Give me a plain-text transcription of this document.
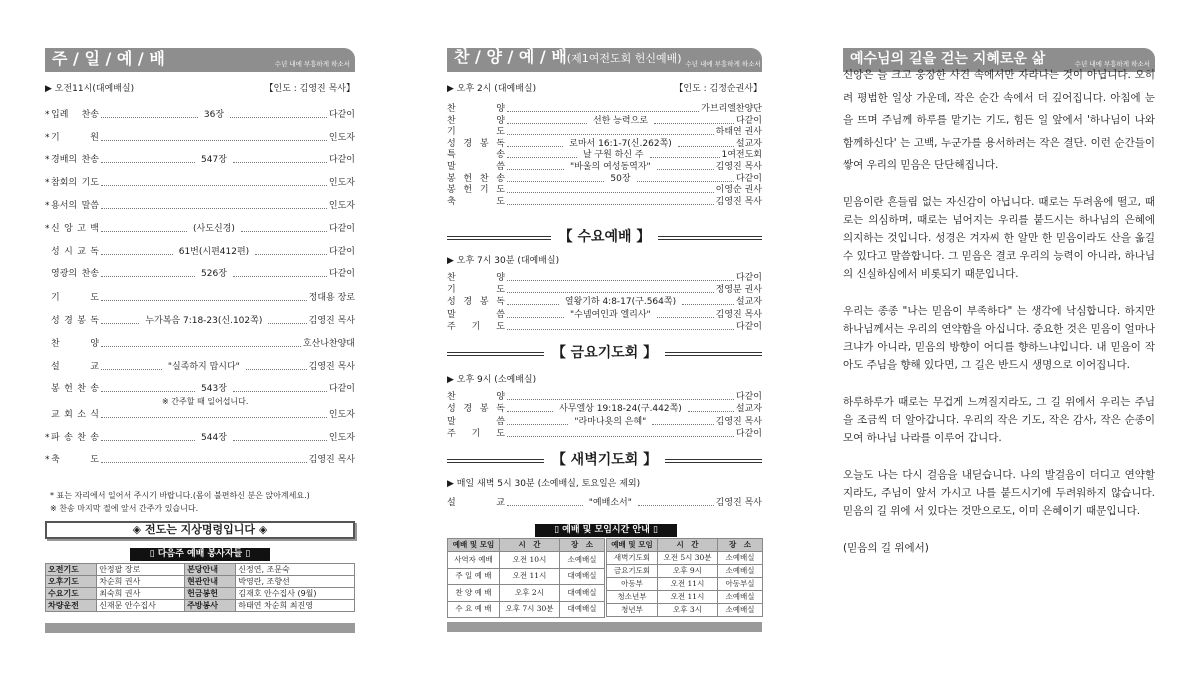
주 / 일 / 예 / 배	수년 내에 부흥하게 하소서
▶ 오전11시(대예배실)	【인도 : 김영진 목사】
* 입례 찬송	36장	다같이
* 기 원	인도자
* 경배의 찬송	547장	다같이
* 참회의 기도	인도자
* 용서의 말씀	인도자
* 신 앙 고 백	(사도신경)	다같이
성 시 교 독	61번(시편412편)	다같이
영광의 찬송	526장	다같이
기 도	정대용 장로
성 경 봉 독	누가복음 7:18-23(신.102쪽)	김영진 목사
찬 양	호산나찬양대
설 교	"실족하지 맙시다"	김영진 목사
봉 헌 찬 송	543장	다같이
교 회 소 식	인도자
* 파 송 찬 송	544장	인도자
* 축 도	김영진 목사
※ 간주할 때 일어섭니다.
* 표는 자리에서 일어서 주시기 바랍니다.(몸이 불편하신 분은 앉아계세요.)
※ 찬송 마지막 절에 앞서 간주가 있습니다.
◈ 전도는 지상명령입니다 ◈
▯ 다음주 예배 봉사자들 ▯
오전기도	안정팔 장로	본당안내	신정연, 조문숙
오후기도	차순희 권사	현관안내	박영란, 조향선
수요기도	최숙희 권사	헌금봉헌	김재호 안수집사 (9월)
차량운전	신재문 안수집사	주방봉사	하태연 차순희 최진영
찬 / 양 / 예 / 배(제1여전도회 헌신예배) 수년 내에 부흥하게 하소서
▶ 오후 2시 (대예배실)	【인도 : 김정순권사】
찬 양	가브리엘찬양단
찬 양	선한 능력으로	다같이
기 도	하태연 권사
성 경 봉 독	로마서 16:1-7(신.262쪽)	설교자
특 송	날 구원 하신 주	1여전도회
말 씀	"바울의 여성동역자"	김영진 목사
봉 헌 찬 송	50장	다같이
봉 헌 기 도	이영순 권사
축 도	김영진 목사
【 수요예배 】
▶ 오후 7시 30분 (대예배실)
찬 양	다같이
기 도	정영분 권사
성 경 봉 독	열왕기하 4:8-17(구.564쪽)	설교자
말 씀	"수넴여인과 엘리사"	김영진 목사
주 기 도	다같이
【 금요기도회 】
▶ 오후 9시 (소예배실)
찬 양	다같이
성 경 봉 독	사무엘상 19:18-24(구.442쪽)	설교자
말 씀	"라마나욧의 은혜"	김영진 목사
주 기 도	다같이
【 새벽기도회 】
▶ 매일 새벽 5시 30분 (소예배실, 토요일은 제외)
설 교	"예배소서"	김영진 목사
▯ 예배 및 모임시간 안내 ▯
예배 및 모임	시　간	장　소
사역자 예배	오전 10시	소예배실
주 일 예 배	오전 11시	대예배실
찬 양 예 배	오후 2시	대예배실
수 요 예 배	오후 7시 30분	대예배실
예배 및 모임	시　간	장　소
새벽기도회	오전 5시 30분	소예배실
금요기도회	오후 9시	소예배실
아동부	오전 11시	아동부실
청소년부	오전 11시	소예배실
청년부	오후 3시	소예배실
예수님의 길을 걷는 지혜로운 삶	수년 내에 부흥하게 하소서

신앙은 늘 크고 웅장한 사건 속에서만 자라나는 것이 아닙니다. 오히려 평범한 일상 가운데, 작은 순간 속에서 더 깊어집니다. 아침에 눈을 뜨며 주님께 하루를 맡기는 기도, 힘든 일 앞에서 '하나님이 나와 함께하신다' 는 고백, 누군가를 용서하려는 작은 결단. 이런 순간들이 쌓여 우리의 믿음은 단단해집니다.

믿음이란 흔들림 없는 자신감이 아닙니다. 때로는 두려움에 떨고, 때로는 의심하며, 때로는 넘어지는 우리를 붙드시는 하나님의 은혜에 의지하는 것입니다. 성경은 겨자씨 한 알만 한 믿음이라도 산을 옮길 수 있다고 말씀합니다. 그 믿음은 결코 우리의 능력이 아니라, 하나님의 신실하심에서 비롯되기 때문입니다.

우리는 종종 "나는 믿음이 부족하다" 는 생각에 낙심합니다. 하지만 하나님께서는 우리의 연약함을 아십니다. 중요한 것은 믿음이 얼마나 크냐가 아니라, 믿음의 방향이 어디를 향하느냐입니다. 내 믿음이 작아도 주님을 향해 있다면, 그 길은 반드시 생명으로 이어집니다.

하루하루가 때로는 무겁게 느껴질지라도, 그 길 위에서 우리는 주님을 조금씩 더 알아갑니다. 우리의 작은 기도, 작은 감사, 작은 순종이 모여 하나님 나라를 이루어 갑니다.

오늘도 나는 다시 걸음을 내딛습니다. 나의 발걸음이 더디고 연약할지라도, 주님이 앞서 가시고 나를 붙드시기에 두려워하지 않습니다. 믿음의 길 위에 서 있다는 것만으로도, 이미 은혜이기 때문입니다.

(믿음의 길 위에서)
